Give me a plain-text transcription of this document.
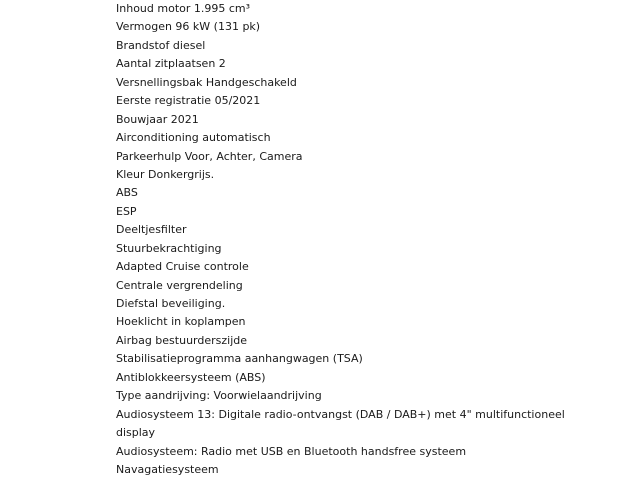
Inhoud motor 1.995 cm³
Vermogen 96 kW (131 pk)
Brandstof diesel
Aantal zitplaatsen 2
Versnellingsbak Handgeschakeld
Eerste registratie 05/2021
Bouwjaar 2021
Airconditioning automatisch
Parkeerhulp Voor, Achter, Camera
Kleur Donkergrijs.
ABS
ESP
Deeltjesfilter
Stuurbekrachtiging
Adapted Cruise controle
Centrale vergrendeling
Diefstal beveiliging.
Hoeklicht in koplampen
Airbag bestuurderszijde
Stabilisatieprogramma aanhangwagen (TSA)
Antiblokkeersysteem (ABS)
Type aandrijving: Voorwielaandrijving
Audiosysteem 13: Digitale radio-ontvangst (DAB / DAB+) met 4" multifunctioneel
display
Audiosysteem: Radio met USB en Bluetooth handsfree systeem
Navagatiesysteem
